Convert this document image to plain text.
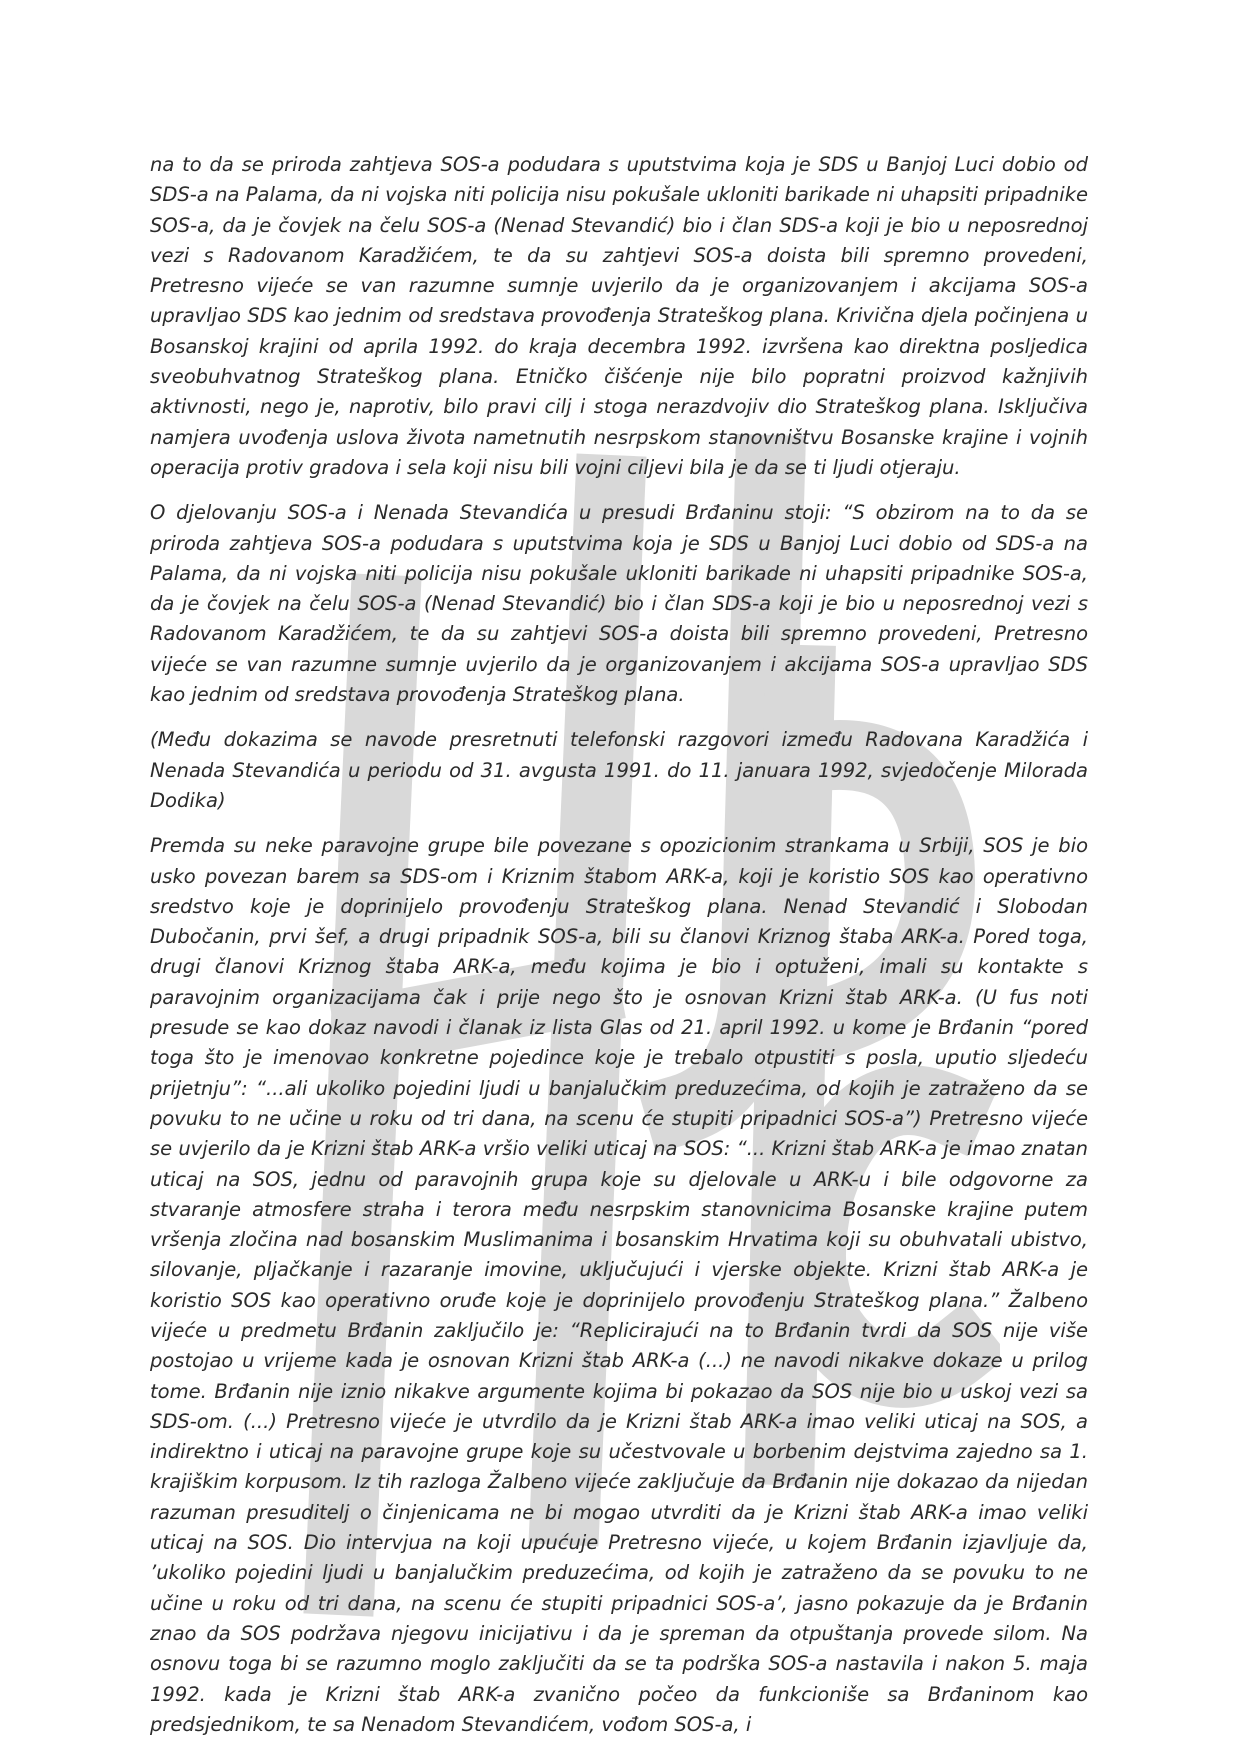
na to da se priroda zahtjeva SOS-a podudara s uputstvima koja je SDS u Banjoj Luci dobio od SDS-a na Palama, da ni vojska niti policija nisu pokušale ukloniti barikade ni uhapsiti pripadnike SOS-a, da je čovjek na čelu SOS-a (Nenad Stevandić) bio i član SDS-a koji je bio u neposrednoj vezi s Radovanom Karadžićem, te da su zahtjevi SOS-a doista bili spremno provedeni, Pretresno vijeće se van razumne sumnje uvjerilo da je organizovanjem i akcijama SOS-a upravljao SDS kao jednim od sredstava provođenja Strateškog plana. Krivična djela počinjena u Bosanskoj krajini od aprila 1992. do kraja decembra 1992. izvršena kao direktna posljedica sveobuhvatnog Strateškog plana. Etničko čišćenje nije bilo popratni proizvod kažnjivih aktivnosti, nego je, naprotiv, bilo pravi cilj i stoga nerazdvojiv dio Strateškog plana. Isključiva namjera uvođenja uslova života nametnutih nesrpskom stanovništvu Bosanske krajine i vojnih operacija protiv gradova i sela koji nisu bili vojni ciljevi bila je da se ti ljudi otjeraju.

O djelovanju SOS-a i Nenada Stevandića u presudi Brđaninu stoji: “S obzirom na to da se priroda zahtjeva SOS-a podudara s uputstvima koja je SDS u Banjoj Luci dobio od SDS-a na Palama, da ni vojska niti policija nisu pokušale ukloniti barikade ni uhapsiti pripadnike SOS-a, da je čovjek na čelu SOS-a (Nenad Stevandić) bio i član SDS-a koji je bio u neposrednoj vezi s Radovanom Karadžićem, te da su zahtjevi SOS-a doista bili spremno provedeni, Pretresno vijeće se van razumne sumnje uvjerilo da je organizovanjem i akcijama SOS-a upravljao SDS kao jednim od sredstava provođenja Strateškog plana.

(Među dokazima se navode presretnuti telefonski razgovori između Radovana Karadžića i Nenada Stevandića u periodu od 31. avgusta 1991. do 11. januara 1992, svjedočenje Milorada Dodika)

Premda su neke paravojne grupe bile povezane s opozicionim strankama u Srbiji, SOS je bio usko povezan barem sa SDS-om i Kriznim štabom ARK-a, koji je koristio SOS kao operativno sredstvo koje je doprinijelo provođenju Strateškog plana. Nenad Stevandić i Slobodan Dubočanin, prvi šef, a drugi pripadnik SOS-a, bili su članovi Kriznog štaba ARK-a. Pored toga, drugi članovi Kriznog štaba ARK-a, među kojima je bio i optuženi, imali su kontakte s paravojnim organizacijama čak i prije nego što je osnovan Krizni štab ARK-a. (U fus noti presude se kao dokaz navodi i članak iz lista Glas od 21. april 1992. u kome je Brđanin “pored toga što je imenovao konkretne pojedince koje je trebalo otpustiti s posla, uputio sljedeću prijetnju”: “...ali ukoliko pojedini ljudi u banjalučkim preduzećima, od kojih je zatraženo da se povuku to ne učine u roku od tri dana, na scenu će stupiti pripadnici SOS-a”) Pretresno vijeće se uvjerilo da je Krizni štab ARK-a vršio veliki uticaj na SOS: “... Krizni štab ARK-a je imao znatan uticaj na SOS, jednu od paravojnih grupa koje su djelovale u ARK-u i bile odgovorne za stvaranje atmosfere straha i terora među nesrpskim stanovnicima Bosanske krajine putem vršenja zločina nad bosanskim Muslimanima i bosanskim Hrvatima koji su obuhvatali ubistvo, silovanje, pljačkanje i razaranje imovine, uključujući i vjerske objekte. Krizni štab ARK-a je koristio SOS kao operativno oruđe koje je doprinijelo provođenju Strateškog plana.” Žalbeno vijeće u predmetu Brđanin zaključilo je: “Replicirajući na to Brđanin tvrdi da SOS nije više postojao u vrijeme kada je osnovan Krizni štab ARK-a (...) ne navodi nikakve dokaze u prilog tome. Brđanin nije iznio nikakve argumente kojima bi pokazao da SOS nije bio u uskoj vezi sa SDS-om. (...) Pretresno vijeće je utvrdilo da je Krizni štab ARK-a imao veliki uticaj na SOS, a indirektno i uticaj na paravojne grupe koje su učestvovale u borbenim dejstvima zajedno sa 1. krajiškim korpusom. Iz tih razloga Žalbeno vijeće zaključuje da Brđanin nije dokazao da nijedan razuman presuditelj o činjenicama ne bi mogao utvrditi da je Krizni štab ARK-a imao veliki uticaj na SOS. Dio intervjua na koji upućuje Pretresno vijeće, u kojem Brđanin izjavljuje da, ’ukoliko pojedini ljudi u banjalučkim preduzećima, od kojih je zatraženo da se povuku to ne učine u roku od tri dana, na scenu će stupiti pripadnici SOS-a’, jasno pokazuje da je Brđanin znao da SOS podržava njegovu inicijativu i da je spreman da otpuštanja provede silom. Na osnovu toga bi se razumno moglo zaključiti da se ta podrška SOS-a nastavila i nakon 5. maja 1992. kada je Krizni štab ARK-a zvanično počeo da funkcioniše sa Brđaninom kao predsjednikom, te sa Nenadom Stevandićem, vođom SOS-a, i
